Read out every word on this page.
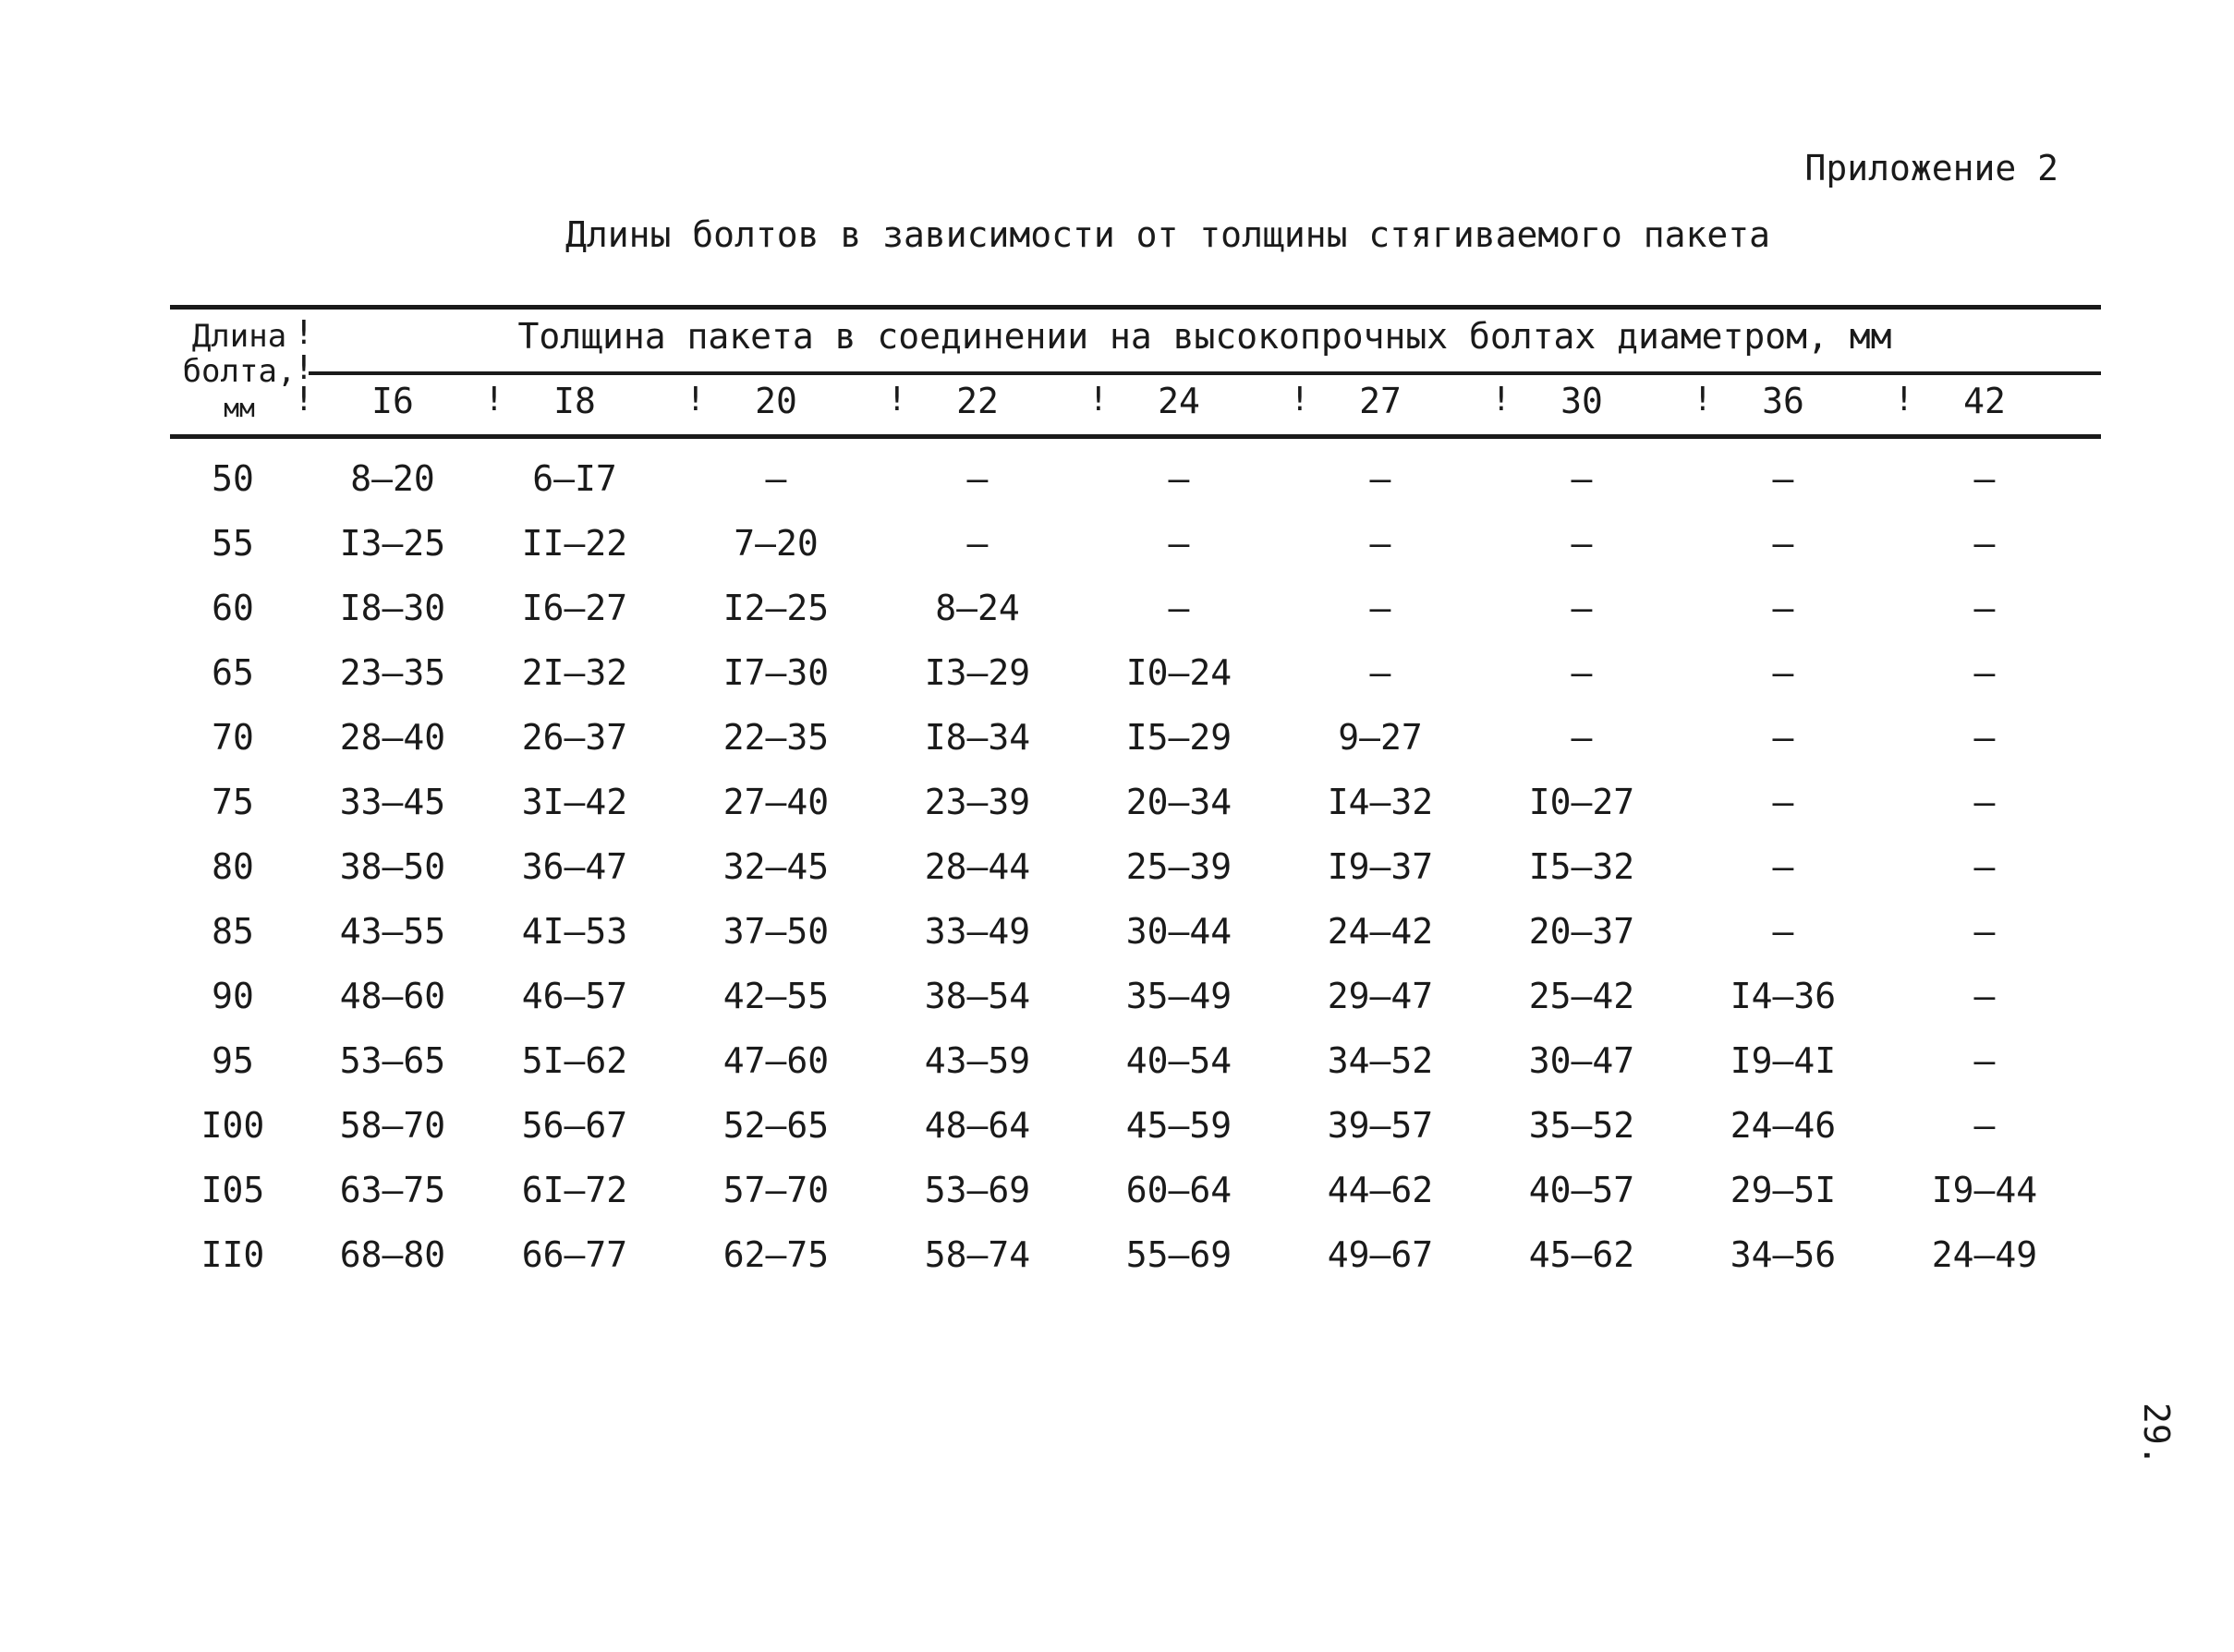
Приложение 2
Длины болтов в зависимости от толщины стягиваемого пакета
Длина
болта,
мм
Толщина пакета в соединении на высокопрочных болтах диаметром, мм
I6	I8	20	22	24	27	30	36	42
!
!
!	!	!	!	!	!	!	!	!
50	8–20	6–I7	–	–	–	–	–	–	–
55	I3–25	II–22	7–20	–	–	–	–	–	–
60	I8–30	I6–27	I2–25	8–24	–	–	–	–	–
65	23–35	2I–32	I7–30	I3–29	I0–24	–	–	–	–
70	28–40	26–37	22–35	I8–34	I5–29	9–27	–	–	–
75	33–45	3I–42	27–40	23–39	20–34	I4–32	I0–27	–	–
80	38–50	36–47	32–45	28–44	25–39	I9–37	I5–32	–	–
85	43–55	4I–53	37–50	33–49	30–44	24–42	20–37	–	–
90	48–60	46–57	42–55	38–54	35–49	29–47	25–42	I4–36	–
95	53–65	5I–62	47–60	43–59	40–54	34–52	30–47	I9–4I	–
I00	58–70	56–67	52–65	48–64	45–59	39–57	35–52	24–46	–
I05	63–75	6I–72	57–70	53–69	60–64	44–62	40–57	29–5I	I9–44
II0	68–80	66–77	62–75	58–74	55–69	49–67	45–62	34–56	24–49
29.
